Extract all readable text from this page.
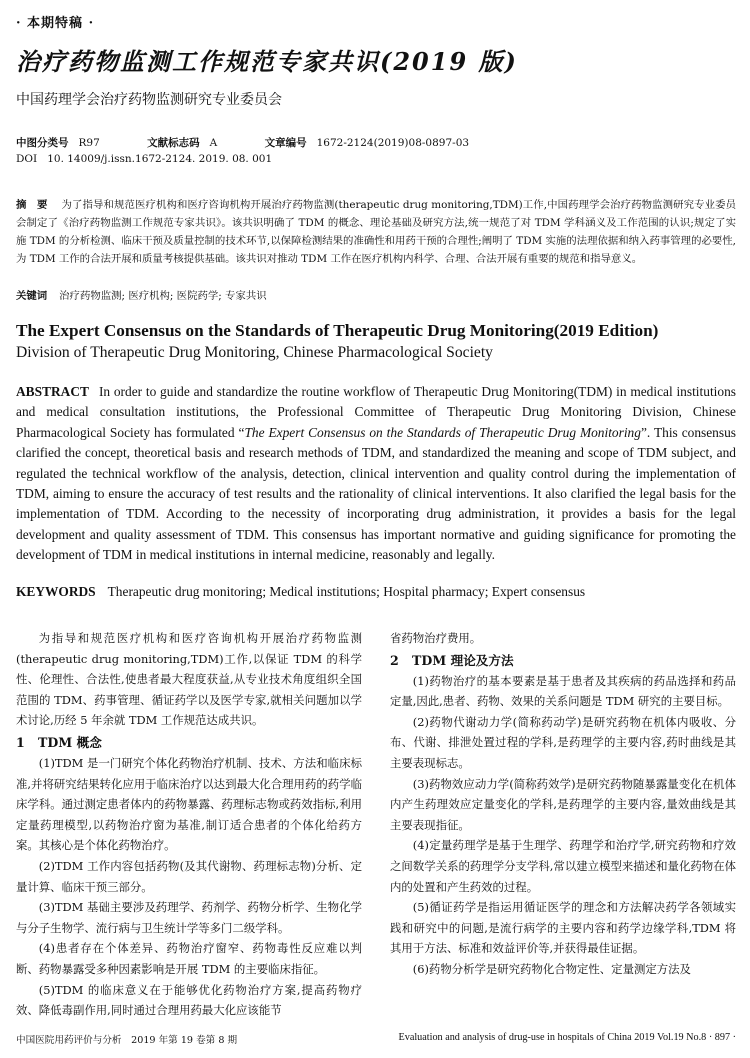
· 本期特稿 ·
治疗药物监测工作规范专家共识(2019 版)
中国药理学会治疗药物监测研究专业委员会
中图分类号 R97	文献标志码 A	文章编号 1672-2124(2019)08-0897-03
DOI 10. 14009/j.issn.1672-2124. 2019. 08. 001
摘　要 为了指导和规范医疗机构和医疗咨询机构开展治疗药物监测(therapeutic drug monitoring,TDM)工作,中国药理学会治疗药物监测研究专业委员会制定了《治疗药物监测工作规范专家共识》。该共识明确了 TDM 的概念、理论基础及研究方法,统一规范了对 TDM 学科涵义及工作范围的认识;规定了实施 TDM 的分析检测、临床干预及质量控制的技术环节,以保障检测结果的准确性和用药干预的合理性;阐明了 TDM 实施的法理依据和纳入药事管理的必要性,为 TDM 工作的合法开展和质量考核提供基础。该共识对推动 TDM 工作在医疗机构内科学、合理、合法开展有重要的规范和指导意义。
关键词 治疗药物监测; 医疗机构; 医院药学; 专家共识
The Expert Consensus on the Standards of Therapeutic Drug Monitoring(2019 Edition)
Division of Therapeutic Drug Monitoring, Chinese Pharmacological Society
ABSTRACT In order to guide and standardize the routine workflow of Therapeutic Drug Monitoring(TDM) in medical institutions and medical consultation institutions, the Professional Committee of Therapeutic Drug Monitoring Division, Chinese Pharmacological Society has formulated “The Expert Consensus on the Standards of Therapeutic Drug Monitoring”. This consensus clarified the concept, theoretical basis and research methods of TDM, and standardized the meaning and scope of TDM subject, and regulated the technical workflow of the analysis, detection, clinical intervention and quality control during the implementation of TDM, aiming to ensure the accuracy of test results and the rationality of clinical interventions. It also clarified the legal basis for the implementation of TDM. According to the necessity of incorporating drug administration, it provides a basis for the legal development and quality assessment of TDM. This consensus has important normative and guiding significance for promoting the development of TDM in medical institutions in internal medicine, reasonably and legally.
KEYWORDS Therapeutic drug monitoring; Medical institutions; Hospital pharmacy; Expert consensus

为指导和规范医疗机构和医疗咨询机构开展治疗药物监测(therapeutic drug monitoring,TDM)工作,以保证 TDM 的科学性、伦理性、合法性,使患者最大程度获益,从专业技术角度组织全国范围的 TDM、药事管理、循证药学以及医学专家,就相关问题加以学术讨论,历经 5 年余就 TDM 工作规范达成共识。

1 TDM 概念

(1)TDM 是一门研究个体化药物治疗机制、技术、方法和临床标准,并将研究结果转化应用于临床治疗以达到最大化合理用药的药学临床学科。通过测定患者体内的药物暴露、药理标志物或药效指标,利用定量药理模型,以药物治疗窗为基准,制订适合患者的个体化给药方案。其核心是个体化药物治疗。

(2)TDM 工作内容包括药物(及其代谢物、药理标志物)分析、定量计算、临床干预三部分。

(3)TDM 基础主要涉及药理学、药剂学、药物分析学、生物化学与分子生物学、流行病与卫生统计学等多门二级学科。

(4)患者存在个体差异、药物治疗窗窄、药物毒性反应难以判断、药物暴露受多种因素影响是开展 TDM 的主要临床指征。

(5)TDM 的临床意义在于能够优化药物治疗方案,提高药物疗效、降低毒副作用,同时通过合理用药最大化应该能节

省药物治疗费用。

2 TDM 理论及方法

(1)药物治疗的基本要素是基于患者及其疾病的药品选择和药品定量,因此,患者、药物、效果的关系问题是 TDM 研究的主要目标。

(2)药物代谢动力学(简称药动学)是研究药物在机体内吸收、分布、代谢、排泄处置过程的学科,是药理学的主要内容,药时曲线是其主要表现标志。

(3)药物效应动力学(简称药效学)是研究药物随暴露量变化在机体内产生药理效应定量变化的学科,是药理学的主要内容,量效曲线是其主要表现指征。

(4)定量药理学是基于生理学、药理学和治疗学,研究药物和疗效之间数学关系的药理学分支学科,常以建立模型来描述和量化药物在体内的处置和产生药效的过程。

(5)循证药学是指运用循证医学的理念和方法解决药学各领域实践和研究中的问题,是流行病学的主要内容和药学边缘学科,TDM 将其用于方法、标准和效益评价等,并获得最佳证据。

(6)药物分析学是研究药物化合物定性、定量测定方法及

中国医院用药评价与分析　2019 年第 19 卷第 8 期	Evaluation and analysis of drug-use in hospitals of China 2019 Vol.19 No.8 · 897 ·
